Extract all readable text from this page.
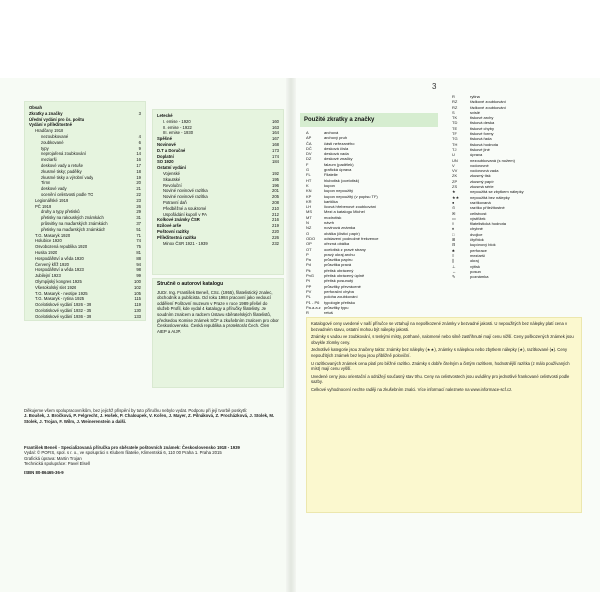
Obsah
Zkratky a značky	3
Úřední vydání pro čs. poštu
Vydání v příležitostně
Hradčany 1918
nezoubkované	4
zoubkované	6
typy	9
neprojařená zoubkování	14
meziarši	16
deskové vady a retuše	17
zkusmé tisky; padělky	18
zkusmé tisky a výrobní vady	19
Tirnn	20
deskové vady	21
ocenění celistvosti podle TO	22
Legionářské 1919	23
PČ 1919	26
druhy a typy přetisků	29
přetisky na rakouských známkách	31
průsvitky na maďarských známkách	37
přetisky na maďarských známkách	51
T.G. Masaryk 1920	71
Holubice 1920	74
Osvobozená republika 1920	75
Husita 1920	81
Hospodářství a věda 1920	88
Červený kříž 1920	94
Hospodářství a věda 1923	98
Jubilejní 1923	99
Olympijský kongres 1925	100
Všesokolský slet 1926	102
T.G. Masaryk - neotipe 1925	105
T.G. Masaryk - rytina 1925	115
Ocelotiskové vydání 1926 - 39	119
Ocelotiskové vydání 1932 - 35	130
Ocelotiskové vydání 1936 - 39	133
Letecké
I. emise - 1920	160
II. emise - 1922	163
III. emise - 1930	164
Spěšné	167
Novinové	168
D.T a Doručné	173
Doplatní	174
SO 1920	184
Ostatní vydání
Vojenské	192
Skautské	195
Revoluční	196
Noviné novinové razítka	201
Noviné novinové razítka	205
Potravní daň	208
Předběžné a soukromé	210
Uspořádání kupoň v PA	212
Kolkové známky ČSR	216
Ezilové arše	219
Poštovní razítky	220
Příležitostná razítka	226
Minox ČSR 1921 - 1939	232
Stručně o autorovi katalogu
JUDr. Ing. František Beneš, CSc. (1955), filatelistický znalec, obchodník a publicista. Od roku 1984 pracovní jako vedoucí oddělení Poštovní muzeum v Praze v roce 1989 přešel do služeb Profil, kde vydal 4 katalogy a příručky filatelisty. Je soudním znalcem a radcem Ústavu sběratelských filatelistů, předsedou Komise známek SČF a zkušebním znalcem pro obor Československo. Česká republika a protektorát Čech. Člen AIEP a AIJP.
Děkujeme všem spolupracovníkům, bez jejichž přispění by tuto příručku nebylo vydat. Podporu při její tvorbě poskytli:
J. Boušek, J. Bročková, P. Felgrecht, J. Hošek, P. Chaloupek, V. Kořen, J. Mayer, Z. Pilnáková, Z. Procházková, J. Stolek, M. Stolek, J. Trojan, F. Wilm, J. Weinerenstein a další.
František Beneš - Specializovaná příručka pro sběratele poštovních známek: Československo 1918 - 1939
Vydal: © POFIS, spol. s r. o., ve spolupráci s Klubem filatelie, Klimentská 6, 110 00 Praha 1. Praha 2015
Grafická úprava: Martin Trojan
Technická spolupráce: Pavel Elsell
ISBN 80-86465-36-9
3
Použité zkratky a značky
A	archová
AP	archový pruh
ČA	části neřezaného
DČ	desková čísla
DV	desková vada
DZ	deskové značky
F	falzum (padělek)
G	grafická úprava
FL	Filatelie
HT	hlubotisk (ocelotisk)
K	kupon
KN	kupon nepoužitý
KP	kupon nepoužitý (v popisu TF)
KR	kartička
LH	lícová hřebenové zoubkování
MS	Mezi a katalogu Michel
MT	modrotisk
N	návrh
NZ	novinová známka
O	obálka (čisticí papír)
ODO	odstavení podnožné frekvence
OP	ořezná obálka
OT	ocelotisk z pravé strany
P	pravý okraj archu
Pa	průsvitka papíru
Pd	průsvitka pravá
Pk	přetisk obrácený
PnG	přetisk obrácený úplně
Pt	přetisk posunutý
PP	průsvitky převrácené
PV	perforační chyba
PL	poloha zoubkování
P1 - P6	typologie přetisku
Pa.a.a.z průsvitky typu
R	retuš
R	rytina
RZ	řádkové zoubkování
RZ	řádkové zoubkování
S	svislé
TK	tiskové archy
TD	tisková deska
TE	tiskové chyby
TF	tiskové formy
TG	tisková řada
TH	tisková hodnota
TJ	tiskové jiné
U	úprava
UN	nezoubkovaná (s nožem)
V	vodorovné
VV	vodorovná vada
ZK	zkusmý tisk
ZP	zkusmý papír
ZS	zkusmá série
★	nepoužitá se zbytkem nálepky
★★	nepoužitá bez nálepky
●	razítkovaná
⊙	razítko příležitostné
✉	celistvost
▭	výstřižek
◊	filatelistická hodnota
♦	chybné
□	dvojice
⊞	čtyřblok
⊟	kupónový blok
♣	perforace
≡	meziarší
∥	okraj
⊥	výtisk
↔	posun
✎	poznámka

Katalogové ceny uvedené v naší příručce se vztahují na nepoškozené známky v bezvadné jakosti. U nepoužitých bez nálepky platí cena v bezvadném stavu, ostatní mohou být nálepky jakosti.

Známky s vadou ve zoubkování, s tenkými místy, potrhané, nalomené nebo silně zastřihnuté mají cenu nižší. Ceny poškozených známek jsou obvykle zlomky ceny.

Jednotlivé kategorie jsou značeny takto: známky bez nálepky (★★), známky s nálepkou nebo zbytkem nálepky (★), razítkované (●). Ceny nepoužitých známek bez lepu jsou přibližně poloviční.

U razítkovaných známek cena platí pro běžné razítko. Známky s dobře čitelným a čistým razítkem, hodnotnější razítka (z málo používaných míst) mají cenu vyšší.

Uvedené ceny jsou orientační a odrážejí současný stav trhu. Ceny na celistvostech jsou uváděny pro jednotlivé frankované celistvosti podle sazby.

Celkové vyhodnocení nechte raději na zkušebním znalci. Více informací naleznete na www.informace-scf.cz.
